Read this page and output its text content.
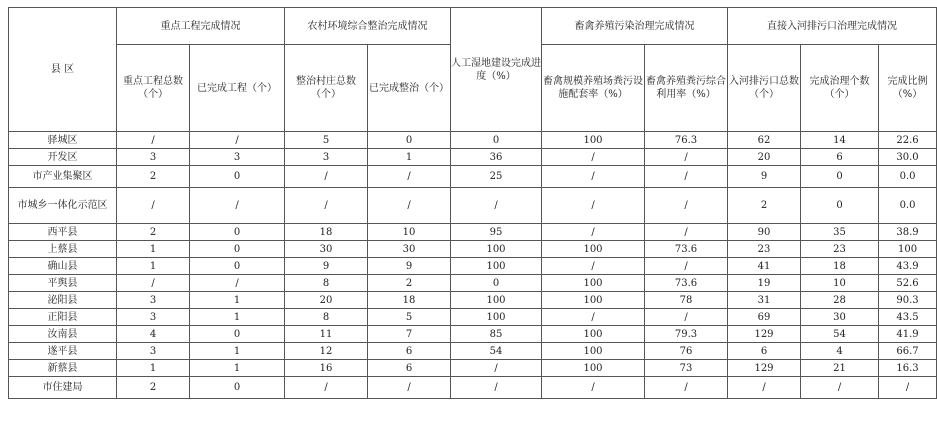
县 区	重点工程完成情况		农村环境综合整治完成情况		人工湿地建设完成进度（%）	畜禽养殖污染治理完成情况		直接入河排污口治理完成情况		
	重点工程总数（个）	已完成工程（个）	整治村庄总数（个）	已完成整治（个）		畜禽规模养殖场粪污设施配套率（%）	畜禽养殖粪污综合利用率（%）	入河排污口总数（个）	完成治理个数（个）	完成比例（%）
驿城区	/	/	5	0	0	100	76.3	62	14	22.6
开发区	3	3	3	1	36	/	/	20	6	30.0
市产业集聚区	2	0	/	/	25	/	/	9	0	0.0
市城乡一体化示范区	/	/	/	/	/	/	/	2	0	0.0
西平县	2	0	18	10	95	/	/	90	35	38.9
上蔡县	1	0	30	30	100	100	73.6	23	23	100
确山县	1	0	9	9	100	/	/	41	18	43.9
平舆县	/	/	8	2	0	100	73.6	19	10	52.6
泌阳县	3	1	20	18	100	100	78	31	28	90.3
正阳县	3	1	8	5	100	/	/	69	30	43.5
汝南县	4	0	11	7	85	100	79.3	129	54	41.9
遂平县	3	1	12	6	54	100	76	6	4	66.7
新蔡县	1	1	16	6	/	100	73	129	21	16.3
市住建局	2	0	/	/	/	/	/	/	/	/
